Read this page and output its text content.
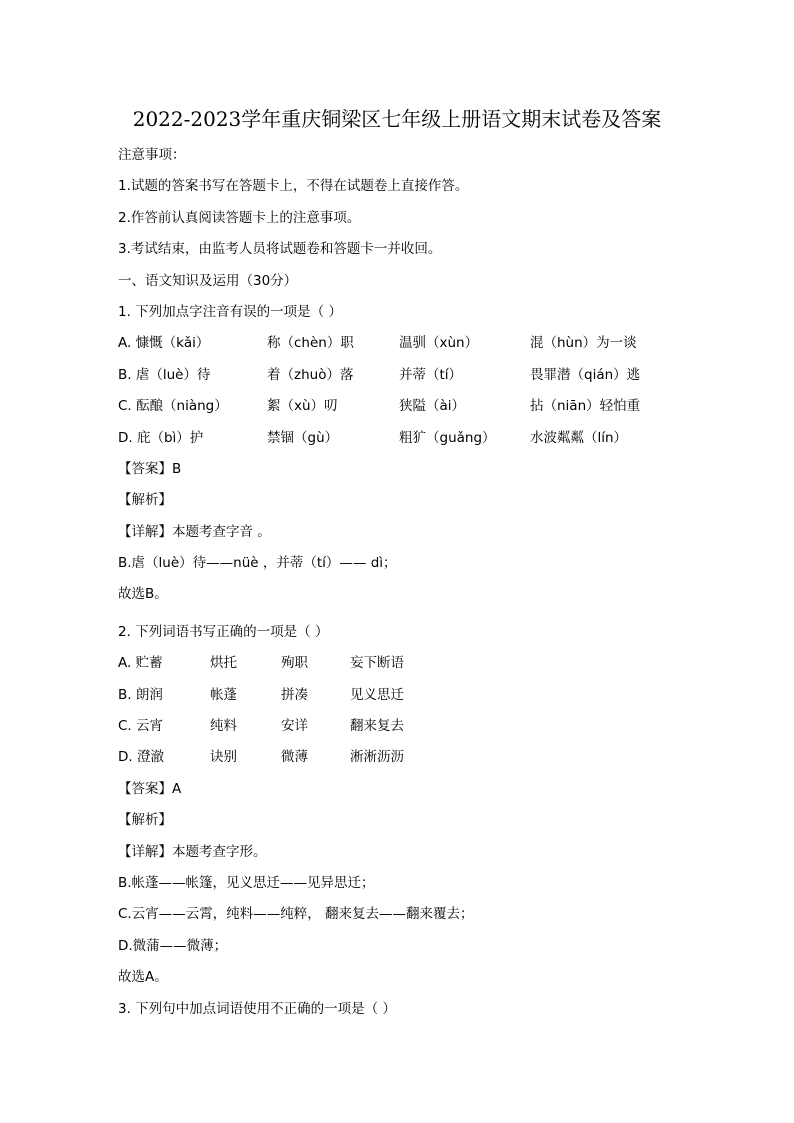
2022-2023学年重庆铜梁区七年级上册语文期末试卷及答案
注意事项：
1.试题的答案书写在答题卡上，不得在试题卷上直接作答。
2.作答前认真阅读答题卡上的注意事项。
3.考试结束，由监考人员将试题卷和答题卡一并收回。
一、语文知识及运用（30分）
1. 下列加点字注音有误的一项是（ ）
A. 慷慨（kǎi）	称（chèn）职	温驯（xùn）	混（hùn）为一谈
B. 虐（luè）待	着（zhuò）落	并蒂（tí）	畏罪潜（qián）逃
C. 酝酿（niàng）	絮（xù）叨	狭隘（ài）	拈（niān）轻怕重
D. 庇（bì）护	禁锢（gù）	粗犷（guǎng）	水波粼粼（lín）
【答案】B
【解析】
【详解】本题考查字音 。
B.虐（luè）待——nüè ，并蒂（tí）—— dì；
故选B。
2. 下列词语书写正确的一项是（ ）
A. 贮蓄	烘托	殉职	妄下断语
B. 朗润	帐蓬	拼凑	见义思迁
C. 云宵	纯料	安详	翻来复去
D. 澄澈	诀别	微薄	淅淅沥沥
【答案】A
【解析】
【详解】本题考查字形。
B.帐蓬——帐篷，见义思迁——见异思迁；
C.云宵——云霄，纯料——纯粹， 翻来复去——翻来覆去；
D.微蒲——微薄；
故选A。
3. 下列句中加点词语使用不正确的一项是（ ）
